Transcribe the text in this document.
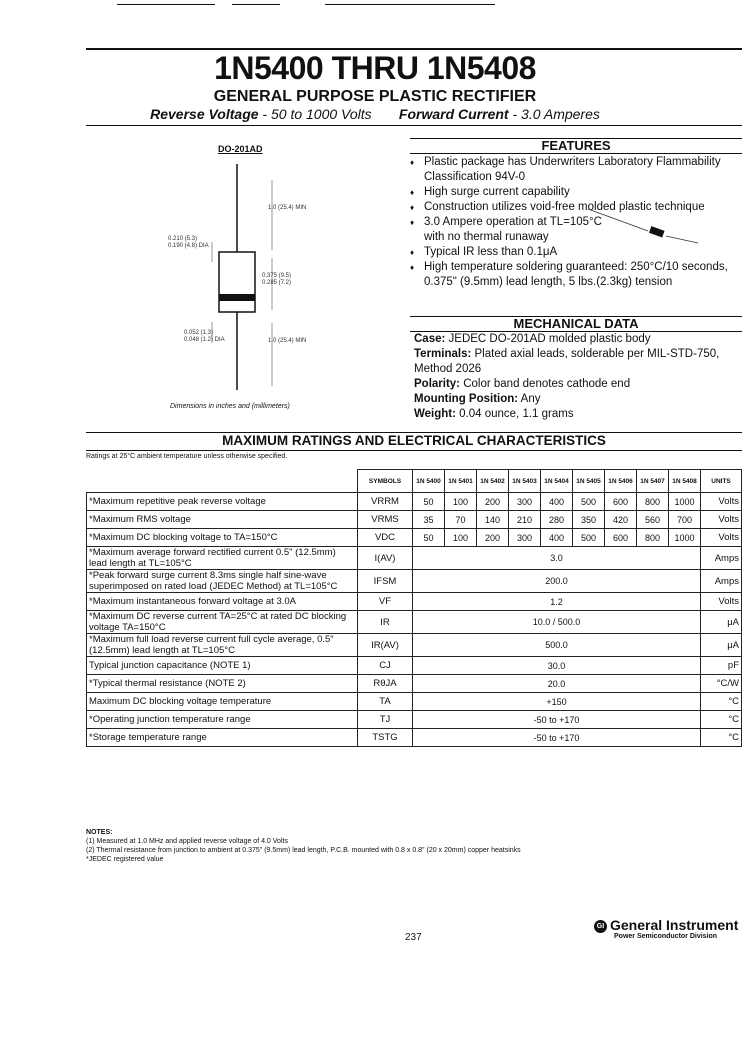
1N5400 THRU 1N5408
GENERAL PURPOSE PLASTIC RECTIFIER
Reverse Voltage - 50 to 1000 Volts Forward Current - 3.0 Amperes
DO-201AD
1.0 (25.4) MIN
0.210 (5.3) 0.190 (4.8) DIA
0.375 (9.5) 0.285 (7.2)
0.052 (1.3) 0.048 (1.2) DIA	1.0 (25.4) MIN
Dimensions in inches and (millimeters)
FEATURES
♦ Plastic package has Underwriters Laboratory Flammability Classification 94V-0
♦ High surge current capability
♦ Construction utilizes void-free molded plastic technique
♦ 3.0 Ampere operation at TL=105°C with no thermal runaway
♦ Typical IR less than 0.1μA
♦ High temperature soldering guaranteed: 250°C/10 seconds, 0.375" (9.5mm) lead length, 5 lbs.(2.3kg) tension
MECHANICAL DATA
Case: JEDEC DO-201AD molded plastic body
Terminals: Plated axial leads, solderable per MIL-STD-750, Method 2026
Polarity: Color band denotes cathode end
Mounting Position: Any
Weight: 0.04 ounce, 1.1 grams
MAXIMUM RATINGS AND ELECTRICAL CHARACTERISTICS
Ratings at 25°C ambient temperature unless otherwise specified.
	SYMBOLS	1N 5400	1N 5401	1N 5402	1N 5403	1N 5404	1N 5405	1N 5406	1N 5407	1N 5408	UNITS
*Maximum repetitive peak reverse voltage	VRRM	50	100	200	300	400	500	600	800	1000	Volts
*Maximum RMS voltage	VRMS	35	70	140	210	280	350	420	560	700	Volts
*Maximum DC blocking voltage to TA=150°C	VDC	50	100	200	300	400	500	600	800	1000	Volts
*Maximum average forward rectified current 0.5" (12.5mm) lead length at TL=105°C	I(AV)	3.0									Amps
*Peak forward surge current 8.3ms single half sine-wave superimposed on rated load (JEDEC Method) at TL=105°C	IFSM	200.0									Amps
*Maximum instantaneous forward voltage at 3.0A	VF	1.2									Volts
*Maximum DC reverse current TA=25°C at rated DC blocking voltage TA=150°C	IR	10.0 / 500.0									μA
*Maximum full load reverse current full cycle average, 0.5" (12.5mm) lead length at TL=105°C	IR(AV)	500.0									μA
Typical junction capacitance (NOTE 1)	CJ	30.0									pF
*Typical thermal resistance (NOTE 2)	RθJA	20.0									°C/W
Maximum DC blocking voltage temperature	TA	+150									°C
*Operating junction temperature range	TJ	-50 to +170									°C
*Storage temperature range	TSTG	-50 to +170									°C
NOTES:
(1) Measured at 1.0 MHz and applied reverse voltage of 4.0 Volts
(2) Thermal resistance from junction to ambient at 0.375" (9.5mm) lead length, P.C.B. mounted with 0.8 x 0.8" (20 x 20mm) copper heatsinks
*JEDEC registered value
237
GI General Instrument
Power Semiconductor Division
